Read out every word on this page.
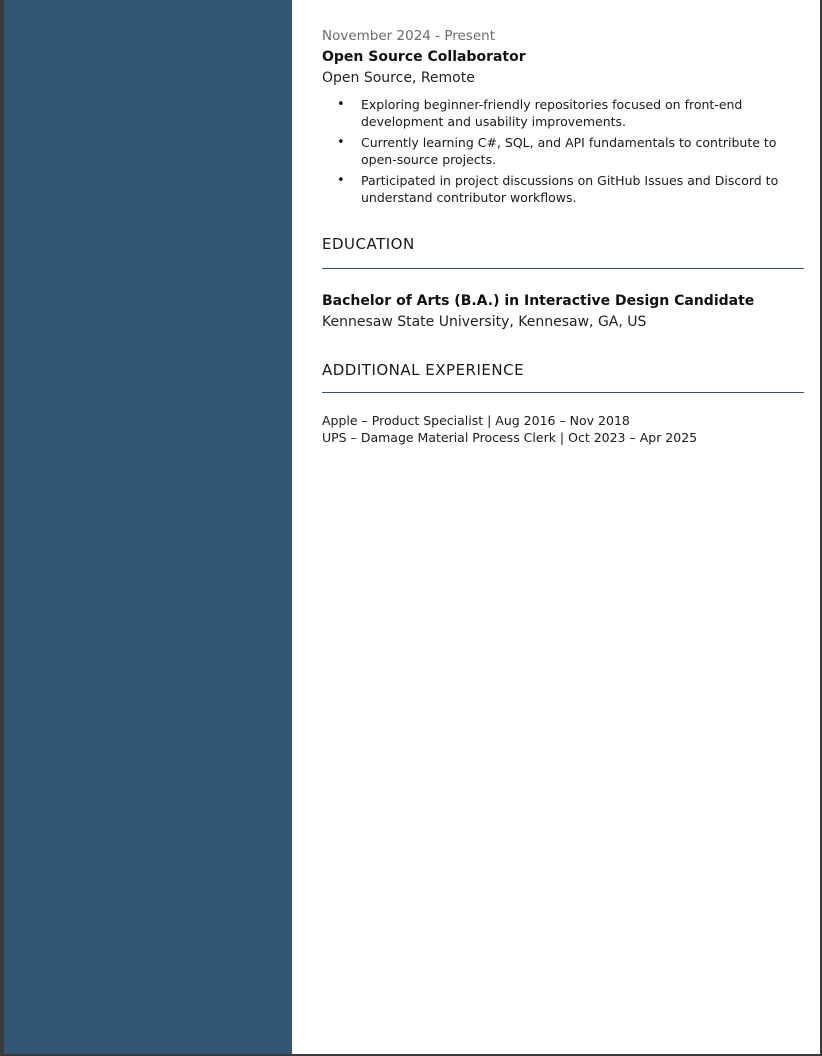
November 2024 - Present

Open Source Collaborator

Open Source, Remote

• Exploring beginner-friendly repositories focused on front-end development and usability improvements.
• Currently learning C#, SQL, and API fundamentals to contribute to open-source projects.
• Participated in project discussions on GitHub Issues and Discord to understand contributor workflows.

EDUCATION

Bachelor of Arts (B.A.) in Interactive Design Candidate

Kennesaw State University, Kennesaw, GA, US

ADDITIONAL EXPERIENCE

Apple – Product Specialist | Aug 2016 – Nov 2018

UPS – Damage Material Process Clerk | Oct 2023 – Apr 2025
